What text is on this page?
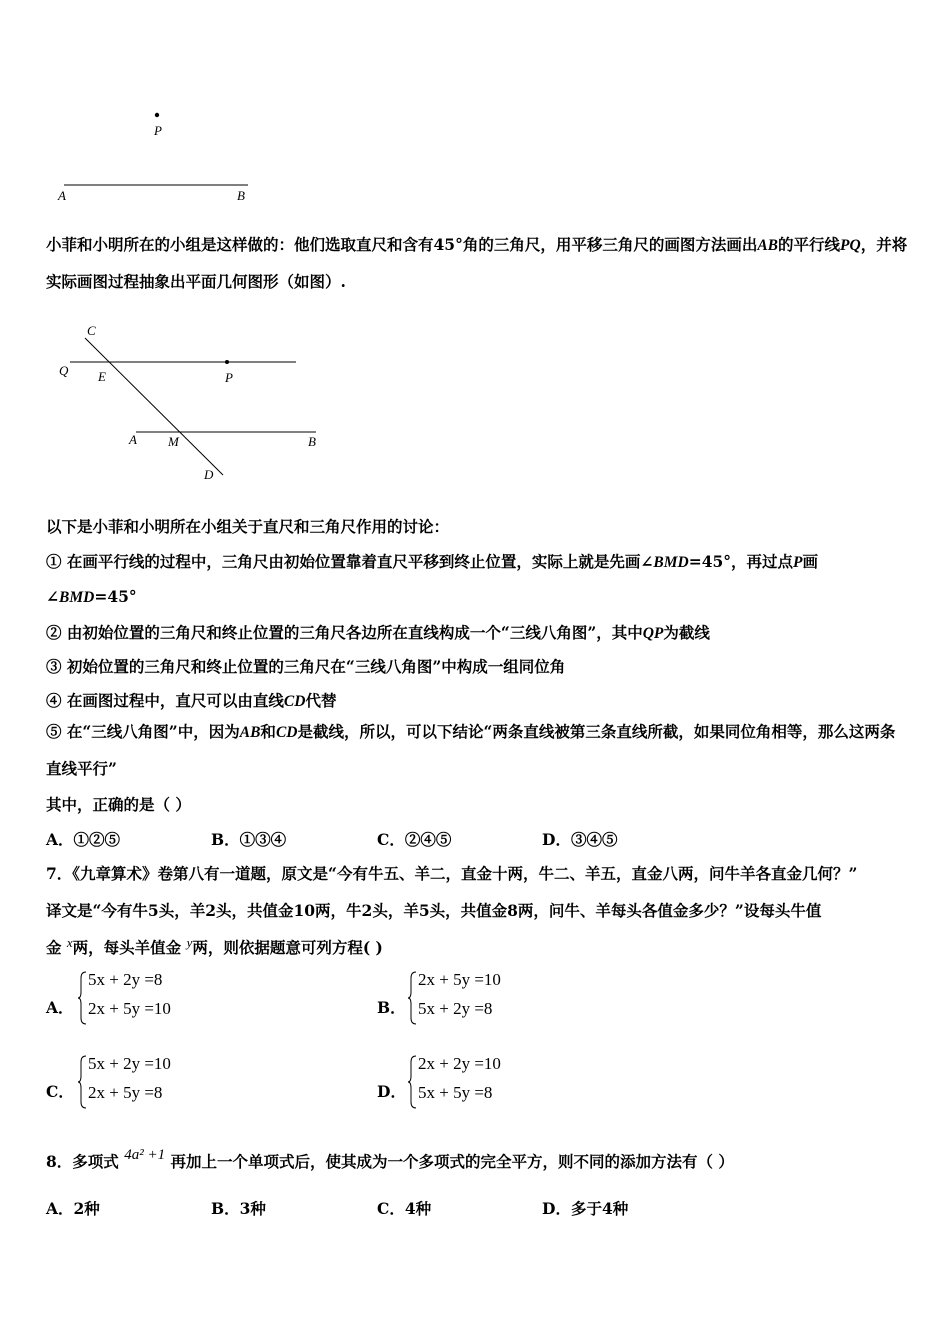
P
A	B
小菲和小明所在的小组是这样做的：他们选取直尺和含有45°角的三角尺，用平移三角尺的画图方法画出AB的平行线PQ，并将实际画图过程抽象出平面几何图形（如图）.
C
Q E	P
A M	B
D
以下是小菲和小明所在小组关于直尺和三角尺作用的讨论：
① 在画平行线的过程中，三角尺由初始位置靠着直尺平移到终止位置，实际上就是先画∠BMD=45°，再过点P画
∠BMD=45°
② 由初始位置的三角尺和终止位置的三角尺各边所在直线构成一个“三线八角图”，其中QP为截线
③ 初始位置的三角尺和终止位置的三角尺在“三线八角图”中构成一组同位角
④ 在画图过程中，直尺可以由直线CD代替
⑤ 在“三线八角图”中，因为AB和CD是截线，所以，可以下结论“两条直线被第三条直线所截，如果同位角相等，那么这两条直线平行”
其中，正确的是（ ）
A．①②⑤	B．①③④	C．②④⑤	D．③④⑤
7．《九章算术》卷第八有一道题，原文是“今有牛五、羊二，直金十两，牛二、羊五，直金八两，问牛羊各直金几何？”
译文是“今有牛5头，羊2头，共值金10两，牛2头，羊5头，共值金8两，问牛、羊每头各值金多少？”设每头牛值
金 $^x$两，每头羊值金 $^y$两，则依据题意可列方程( )
A．
5x + 2y =8
2x + 5y =10	B．
2x + 5y =10
5x + 2y =8
C．
5x + 2y =10
2x + 5y =8	D．
2x + 2y =10
5x + 5y =8
8．多项式 4a² +1 再加上一个单项式后，使其成为一个多项式的完全平方，则不同的添加方法有（ ）
A．2种	B．3种	C．4种	D．多于4种
